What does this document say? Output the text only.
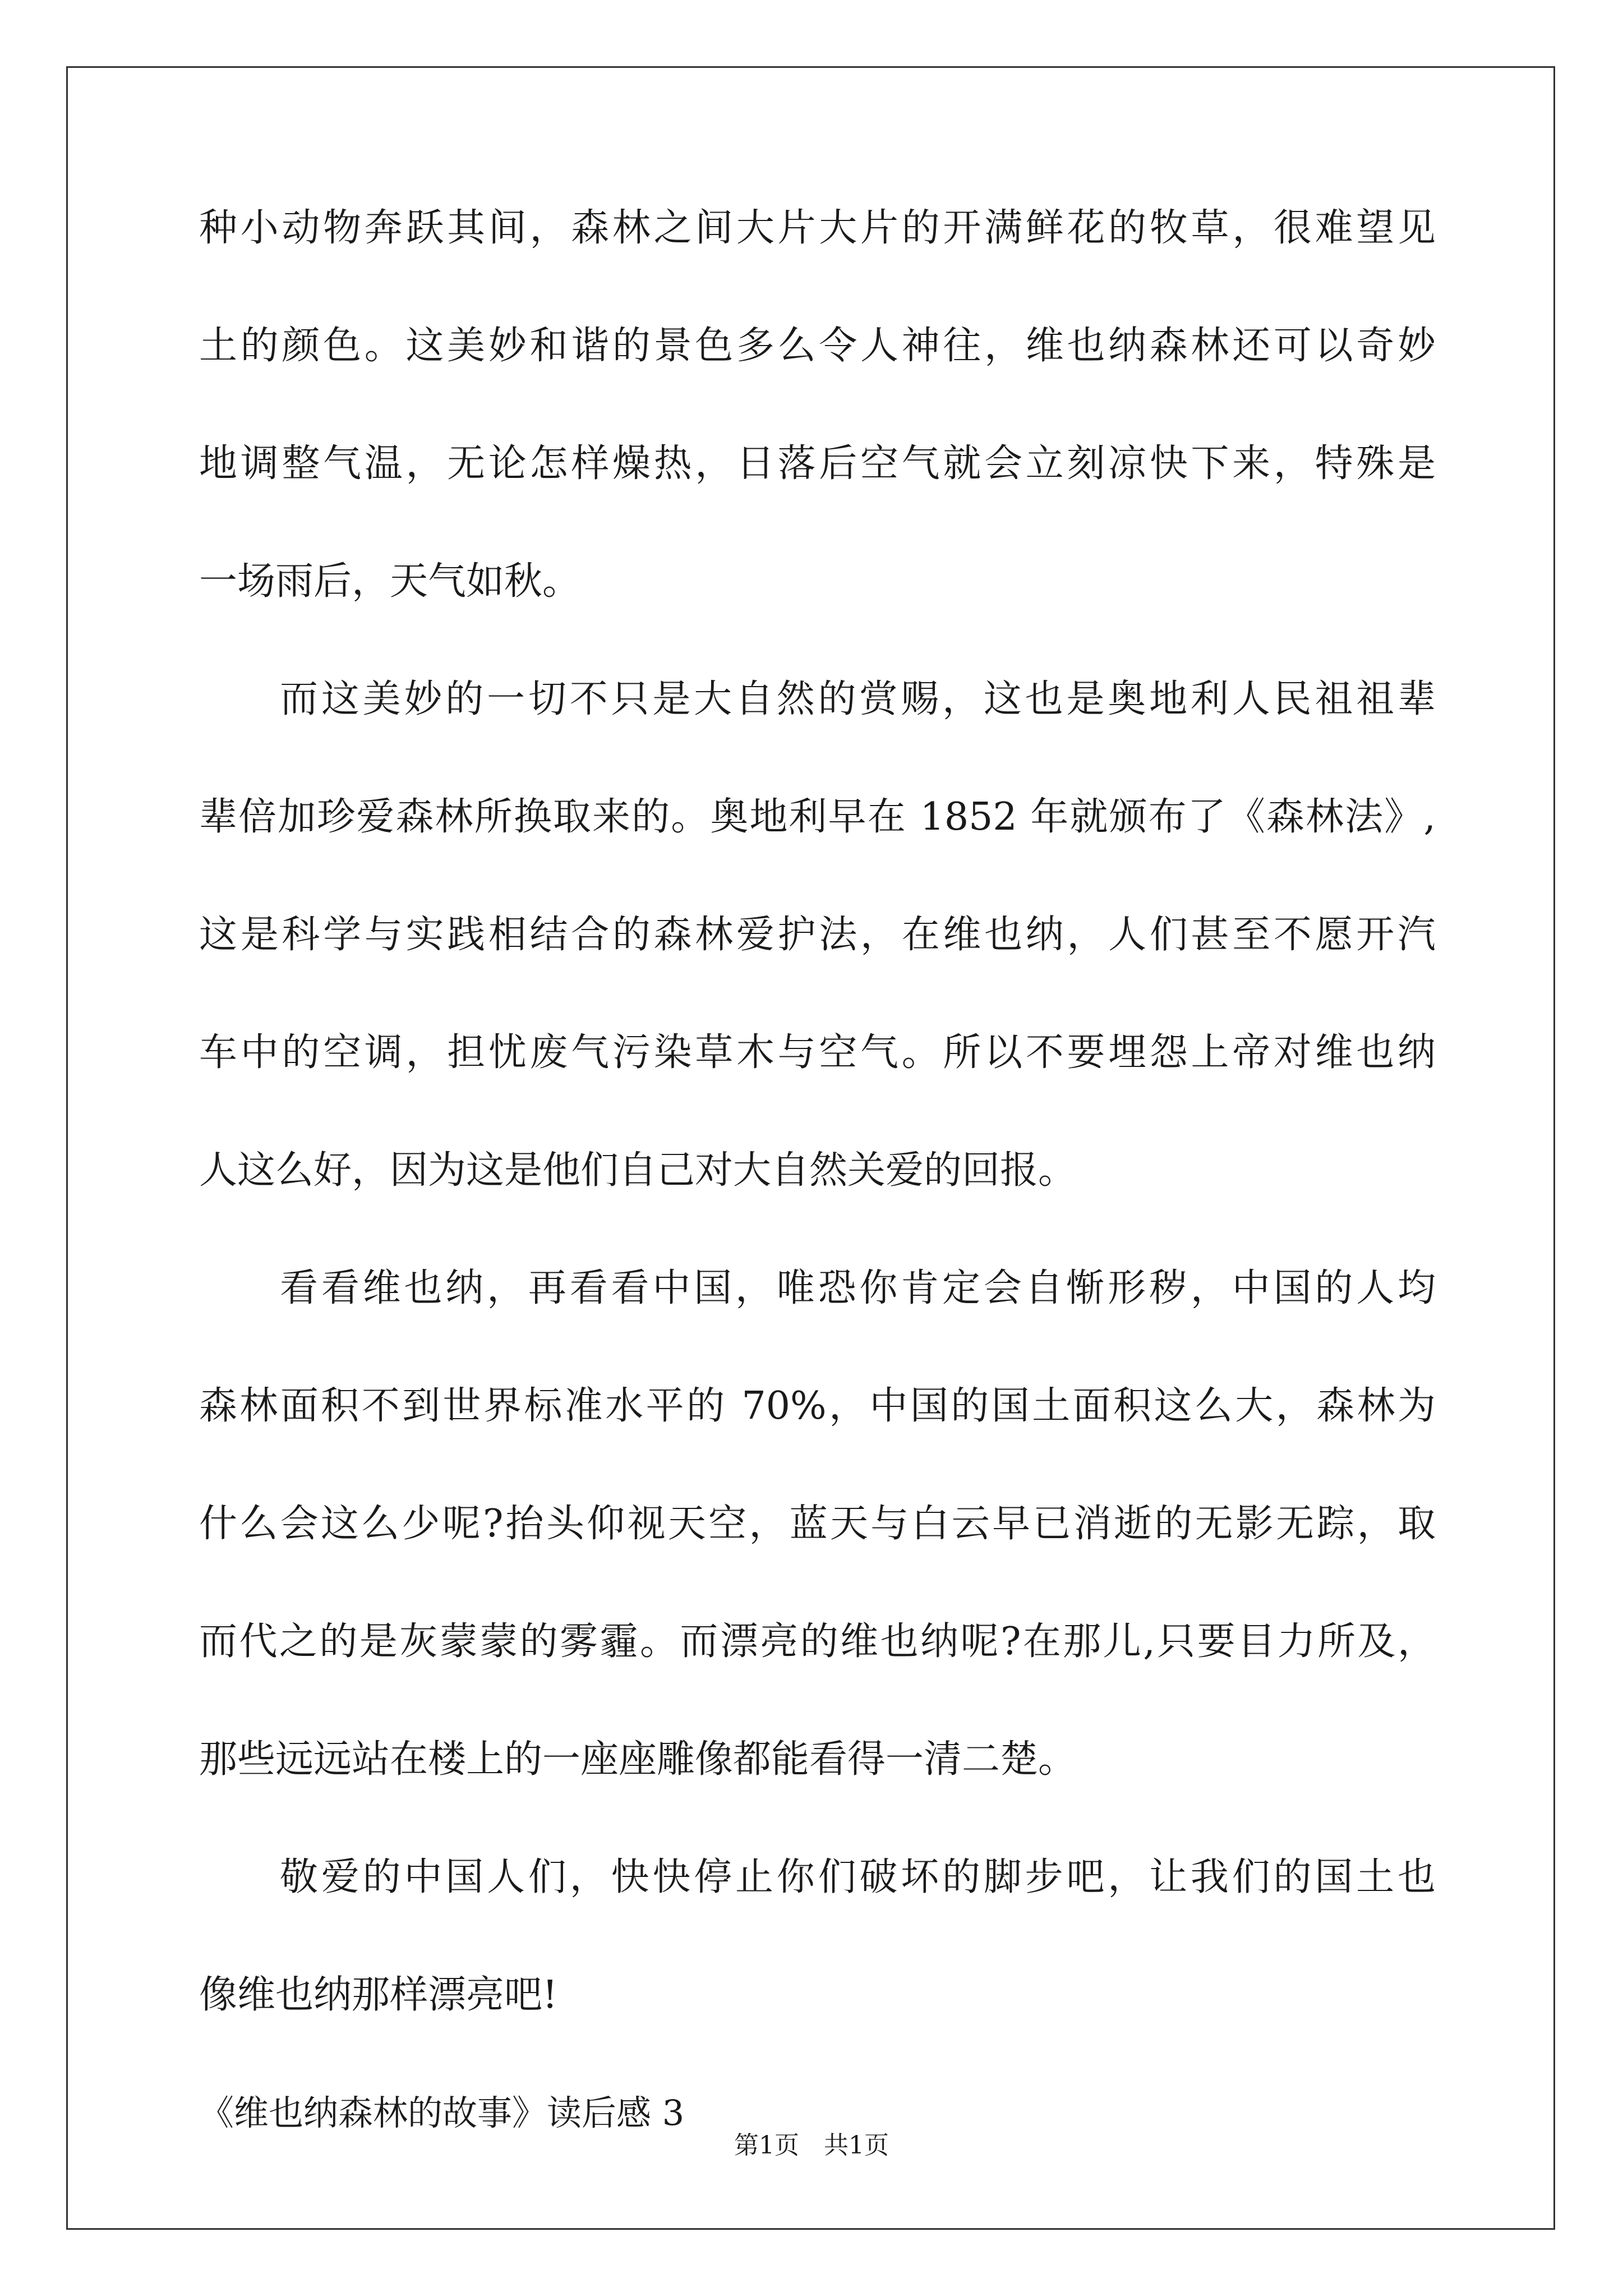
种小动物奔跃其间，森林之间大片大片的开满鲜花的牧草，很难望见
土的颜色。这美妙和谐的景色多么令人神往，维也纳森林还可以奇妙
地调整气温，无论怎样燥热，日落后空气就会立刻凉快下来，特殊是
一场雨后，天气如秋。
而这美妙的一切不只是大自然的赏赐，这也是奥地利人民祖祖辈
辈倍加珍爱森林所换取来的。奥地利早在 1852 年就颁布了《森林法》,
这是科学与实践相结合的森林爱护法，在维也纳，人们甚至不愿开汽
车中的空调，担忧废气污染草木与空气。所以不要埋怨上帝对维也纳
人这么好，因为这是他们自己对大自然关爱的回报。
看看维也纳，再看看中国，唯恐你肯定会自惭形秽，中国的人均
森林面积不到世界标准水平的 70%，中国的国土面积这么大，森林为
什么会这么少呢?抬头仰视天空，蓝天与白云早已消逝的无影无踪，取
而代之的是灰蒙蒙的雾霾。而漂亮的维也纳呢?在那儿,只要目力所及，
那些远远站在楼上的一座座雕像都能看得一清二楚。
敬爱的中国人们，快快停止你们破坏的脚步吧，让我们的国土也
像维也纳那样漂亮吧!
《维也纳森林的故事》读后感 3
第1页　共1页
